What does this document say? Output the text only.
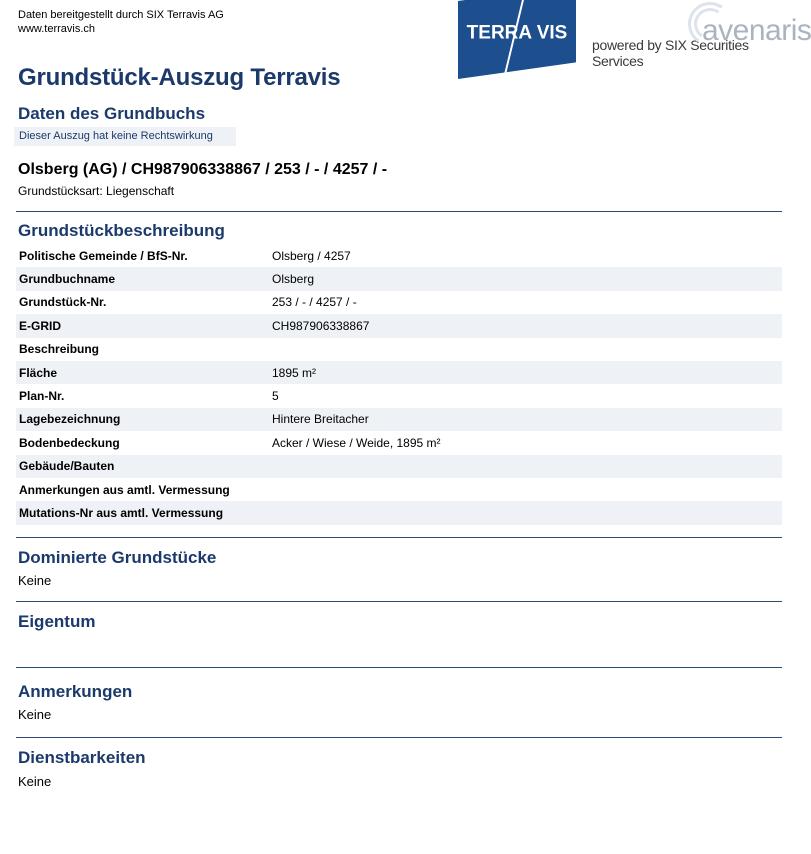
Daten bereitgestellt durch SIX Terravis AG
www.terravis.ch	TERRA VIS
powered by SIX Securities Services
avenaris
Grundstück-Auszug Terravis
Daten des Grundbuchs
Dieser Auszug hat keine Rechtswirkung
Olsberg (AG) / CH987906338867 / 253 / - / 4257 / -
Grundstücksart: Liegenschaft
Grundstückbeschreibung
Politische Gemeinde / BfS-Nr.	Olsberg / 4257
Grundbuchname	Olsberg
Grundstück-Nr.	253 / - / 4257 / -
E-GRID	CH987906338867
Beschreibung
Fläche	1895 m²
Plan-Nr.	5
Lagebezeichnung	Hintere Breitacher
Bodenbedeckung	Acker / Wiese / Weide, 1895 m²
Gebäude/Bauten
Anmerkungen aus amtl. Vermessung
Mutations-Nr aus amtl. Vermessung
Dominierte Grundstücke
Keine
Eigentum
Anmerkungen
Keine
Dienstbarkeiten
Keine
